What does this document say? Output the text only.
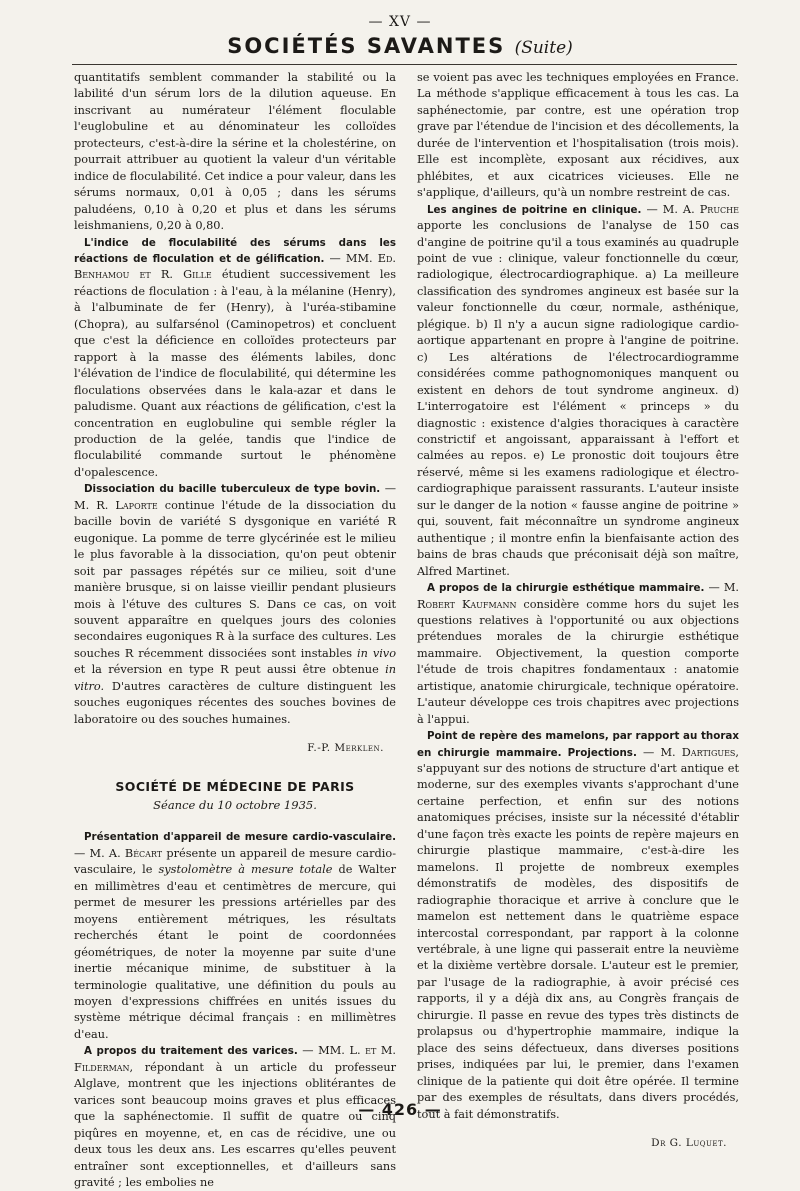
— XV —
SOCIÉTÉS SAVANTES (Suite)

quantitatifs semblent commander la stabilité ou la labilité d'un sérum lors de la dilution aqueuse. En inscrivant au numérateur l'élément floculable l'euglobuline et au dénominateur les colloïdes protecteurs, c'est-à-dire la sérine et la cholestérine, on pourrait attribuer au quotient la valeur d'un véritable indice de floculabilité. Cet indice a pour valeur, dans les sérums normaux, 0,01 à 0,05 ; dans les sérums paludéens, 0,10 à 0,20 et plus et dans les sérums leishmaniens, 0,20 à 0,80.

L'indice de floculabilité des sérums dans les réactions de floculation et de gélification. — MM. Ed. Benhamou et R. Gille étudient successivement les réactions de floculation : à l'eau, à la mélanine (Henry), à l'albuminate de fer (Henry), à l'uréa-stibamine (Chopra), au sulfarsénol (Caminopetros) et concluent que c'est la déficience en colloïdes protecteurs par rapport à la masse des éléments labiles, donc l'élévation de l'indice de floculabilité, qui détermine les floculations observées dans le kala-azar et dans le paludisme. Quant aux réactions de gélification, c'est la concentration en euglobuline qui semble régler la production de la gelée, tandis que l'indice de floculabilité commande surtout le phénomène d'opalescence.

Dissociation du bacille tuberculeux de type bovin. — M. R. Laporte continue l'étude de la dissociation du bacille bovin de variété S dysgonique en variété R eugonique. La pomme de terre glycérinée est le milieu le plus favorable à la dissociation, qu'on peut obtenir soit par passages répétés sur ce milieu, soit d'une manière brusque, si on laisse vieillir pendant plusieurs mois à l'étuve des cultures S. Dans ce cas, on voit souvent apparaître en quelques jours des colonies secondaires eugoniques R à la surface des cultures. Les souches R récemment dissociées sont instables in vivo et la réversion en type R peut aussi être obtenue in vitro. D'autres caractères de culture distinguent les souches eugoniques récentes des souches bovines de laboratoire ou des souches humaines.

F.-P. Merklen.

SOCIÉTÉ DE MÉDECINE DE PARIS
Séance du 10 octobre 1935.

Présentation d'appareil de mesure cardio-vasculaire. — M. A. Bécart présente un appareil de mesure cardio-vasculaire, le systolomètre à mesure totale de Walter en millimètres d'eau et centimètres de mercure, qui permet de mesurer les pressions artérielles par des moyens entièrement métriques, les résultats recherchés étant le point de coordonnées géométriques, de noter la moyenne par suite d'une inertie mécanique minime, de substituer à la terminologie qualitative, une définition du pouls au moyen d'expressions chiffrées en unités issues du système métrique décimal français : en millimètres d'eau.

A propos du traitement des varices. — MM. L. et M. Filderman, répondant à un article du professeur Alglave, montrent que les injections oblitérantes de varices sont beaucoup moins graves et plus efficaces que la saphénectomie. Il suffit de quatre ou cinq piqûres en moyenne, et, en cas de récidive, une ou deux tous les deux ans. Les escarres qu'elles peuvent entraîner sont exceptionnelles, et d'ailleurs sans gravité ; les embolies ne

se voient pas avec les techniques employées en France. La méthode s'applique efficacement à tous les cas. La saphénectomie, par contre, est une opération trop grave par l'étendue de l'incision et des décollements, la durée de l'intervention et l'hospitalisation (trois mois). Elle est incomplète, exposant aux récidives, aux phlébites, et aux cicatrices vicieuses. Elle ne s'applique, d'ailleurs, qu'à un nombre restreint de cas.

Les angines de poitrine en clinique. — M. A. Pruche apporte les conclusions de l'analyse de 150 cas d'angine de poitrine qu'il a tous examinés au quadruple point de vue : clinique, valeur fonctionnelle du cœur, radiologique, électrocardiographique. a) La meilleure classification des syndromes angineux est basée sur la valeur fonctionnelle du cœur, normale, asthénique, plégique. b) Il n'y a aucun signe radiologique cardio-aortique appartenant en propre à l'angine de poitrine. c) Les altérations de l'électrocardiogramme considérées comme pathognomoniques manquent ou existent en dehors de tout syndrome angineux. d) L'interrogatoire est l'élément « princeps » du diagnostic : existence d'algies thoraciques à caractère constrictif et angoissant, apparaissant à l'effort et calmées au repos. e) Le pronostic doit toujours être réservé, même si les examens radiologique et électro-cardiographique paraissent rassurants. L'auteur insiste sur le danger de la notion « fausse angine de poitrine » qui, souvent, fait méconnaître un syndrome angineux authentique ; il montre enfin la bienfaisante action des bains de bras chauds que préconisait déjà son maître, Alfred Martinet.

A propos de la chirurgie esthétique mammaire. — M. Robert Kaufmann considère comme hors du sujet les questions relatives à l'opportunité ou aux objections prétendues morales de la chirurgie esthétique mammaire. Objectivement, la question comporte l'étude de trois chapitres fondamentaux : anatomie artistique, anatomie chirurgicale, technique opératoire. L'auteur développe ces trois chapitres avec projections à l'appui.

Point de repère des mamelons, par rapport au thorax en chirurgie mammaire. Projections. — M. Dartigues, s'appuyant sur des notions de structure d'art antique et moderne, sur des exemples vivants s'approchant d'une certaine perfection, et enfin sur des notions anatomiques précises, insiste sur la nécessité d'établir d'une façon très exacte les points de repère majeurs en chirurgie plastique mammaire, c'est-à-dire les mamelons. Il projette de nombreux exemples démonstratifs de modèles, des dispositifs de radiographie thoracique et arrive à conclure que le mamelon est nettement dans le quatrième espace intercostal correspondant, par rapport à la colonne vertébrale, à une ligne qui passerait entre la neuvième et la dixième vertèbre dorsale. L'auteur est le premier, par l'usage de la radiographie, à avoir précisé ces rapports, il y a déjà dix ans, au Congrès français de chirurgie. Il passe en revue des types très distincts de prolapsus ou d'hypertrophie mammaire, indique la place des seins défectueux, dans diverses positions prises, indiquées par lui, le premier, dans l'examen clinique de la patiente qui doit être opérée. Il termine par des exemples de résultats, dans divers procédés, tout à fait démonstratifs.

Dr G. Luquet.

— 426 —
